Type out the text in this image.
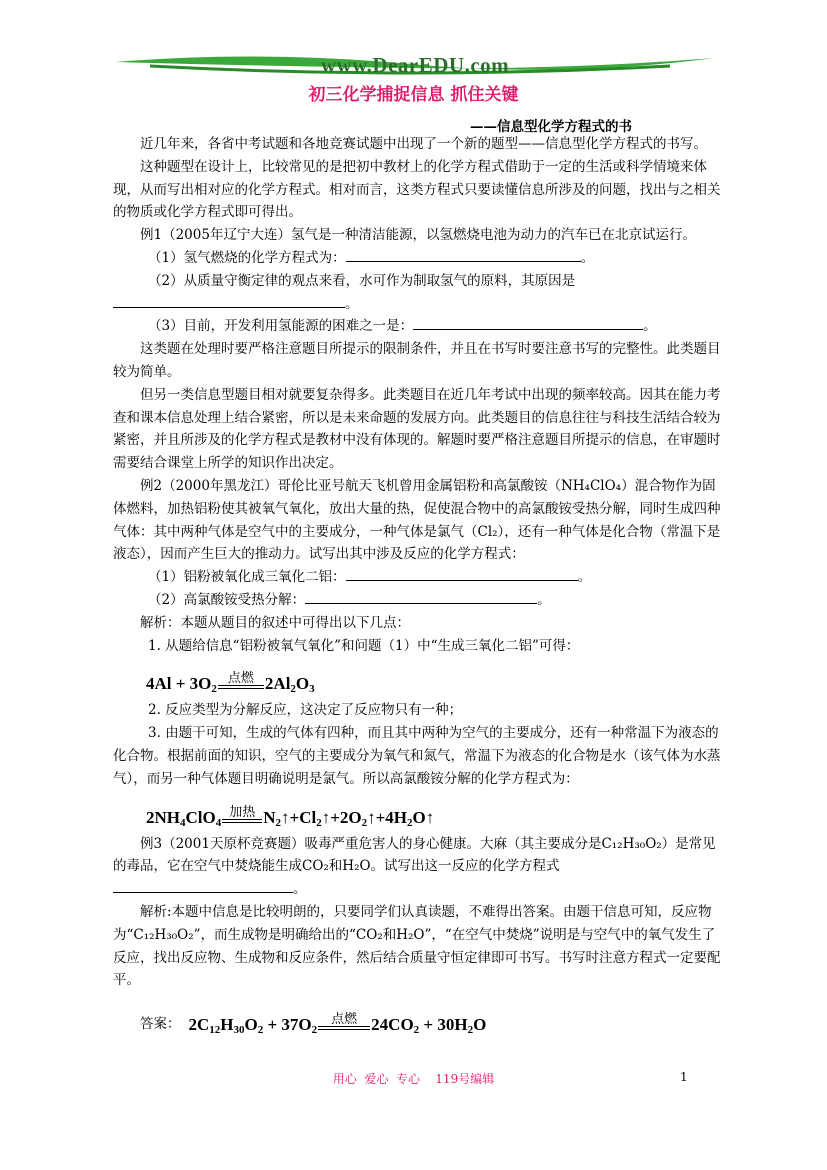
www.DearEDU.com
初三化学捕捉信息 抓住关键
——信息型化学方程式的书

近几年来，各省中考试题和各地竞赛试题中出现了一个新的题型——信息型化学方程式的书写。

这种题型在设计上，比较常见的是把初中教材上的化学方程式借助于一定的生活或科学情境来体现，从而写出相对应的化学方程式。相对而言，这类方程式只要读懂信息所涉及的问题，找出与之相关的物质或化学方程式即可得出。

例1（2005年辽宁大连）氢气是一种清洁能源，以氢燃烧电池为动力的汽车已在北京试运行。

（1）氢气燃烧的化学方程式为：	。

（2）从质量守衡定律的观点来看，水可作为制取氢气的原料，其原因是

。

（3）目前，开发利用氢能源的困难之一是：	。

这类题在处理时要严格注意题目所提示的限制条件，并且在书写时要注意书写的完整性。此类题目较为简单。

但另一类信息型题目相对就要复杂得多。此类题目在近几年考试中出现的频率较高。因其在能力考查和课本信息处理上结合紧密，所以是未来命题的发展方向。此类题目的信息往往与科技生活结合较为紧密，并且所涉及的化学方程式是教材中没有体现的。解题时要严格注意题目所提示的信息，在审题时需要结合课堂上所学的知识作出决定。

例2（2000年黑龙江）哥伦比亚号航天飞机曾用金属铝粉和高氯酸铵（NH₄ClO₄）混合物作为固体燃料，加热铝粉使其被氧气氧化，放出大量的热，促使混合物中的高氯酸铵受热分解，同时生成四种气体：其中两种气体是空气中的主要成分，一种气体是氯气（Cl₂），还有一种气体是化合物（常温下是液态），因而产生巨大的推动力。试写出其中涉及反应的化学方程式：

（1）铝粉被氧化成三氧化二铝：	。

（2）高氯酸铵受热分解：	。

解析：本题从题目的叙述中可得出以下几点：

1. 从题给信息“铝粉被氧气氧化”和问题（1）中“生成三氧化二铝”可得：

$4Al + 3O_2$
点燃 $2Al_2O_3$

2. 反应类型为分解反应，这决定了反应物只有一种；

3. 由题干可知，生成的气体有四种，而且其中两种为空气的主要成分，还有一种常温下为液态的化合物。根据前面的知识，空气的主要成分为氧气和氮气，常温下为液态的化合物是水（该气体为水蒸气），而另一种气体题目明确说明是氯气。所以高氯酸铵分解的化学方程式为：

$2NH_4ClO_4$
加热 $N_2↑+Cl_2↑+2O_2↑+4H_2O↑$

例3（2001天原杯竞赛题）吸毒严重危害人的身心健康。大麻（其主要成分是C₁₂H₃₀O₂）是常见的毒品，它在空气中焚烧能生成CO₂和H₂O。试写出这一反应的化学方程式

。

解析:本题中信息是比较明朗的，只要同学们认真读题，不难得出答案。由题干信息可知，反应物为“C₁₂H₃₀O₂”，而生成物是明确给出的“CO₂和H₂O”，“在空气中焚烧”说明是与空气中的氧气发生了反应，找出反应物、生成物和反应条件，然后结合质量守恒定律即可书写。书写时注意方程式一定要配平。

答案： $2C_{12}H_{30}O_2 + 37O_2$
点燃 $24CO_2 + 30H_2O$
用心  爱心  专心    119号编辑	1
